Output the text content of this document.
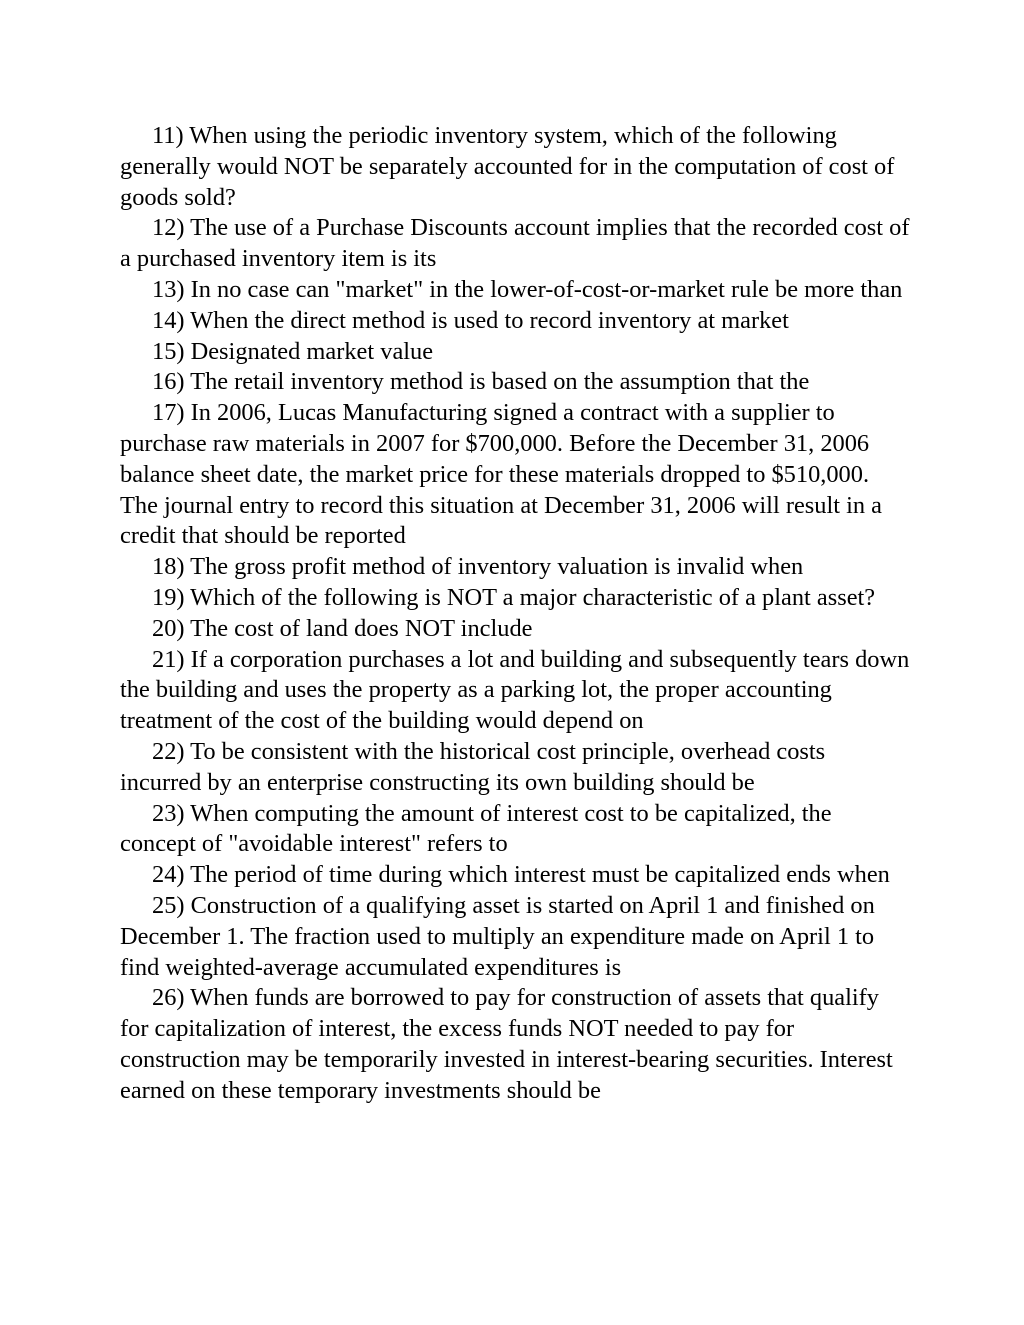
11) When using the periodic inventory system, which of the following generally would NOT be separately accounted for in the computation of cost of goods sold?

12) The use of a Purchase Discounts account implies that the recorded cost of a purchased inventory item is its

13) In no case can "market" in the lower-of-cost-or-market rule be more than

14) When the direct method is used to record inventory at market

15) Designated market value

16) The retail inventory method is based on the assumption that the

17) In 2006, Lucas Manufacturing signed a contract with a supplier to purchase raw materials in 2007 for $700,000. Before the December 31, 2006 balance sheet date, the market price for these materials dropped to $510,000. The journal entry to record this situation at December 31, 2006 will result in a credit that should be reported

18) The gross profit method of inventory valuation is invalid when

19) Which of the following is NOT a major characteristic of a plant asset?

20) The cost of land does NOT include

21) If a corporation purchases a lot and building and subsequently tears down the building and uses the property as a parking lot, the proper accounting treatment of the cost of the building would depend on

22) To be consistent with the historical cost principle, overhead costs incurred by an enterprise constructing its own building should be

23) When computing the amount of interest cost to be capitalized, the concept of "avoidable interest" refers to

24) The period of time during which interest must be capitalized ends when

25) Construction of a qualifying asset is started on April 1 and finished on December 1. The fraction used to multiply an expenditure made on April 1 to find weighted-average accumulated expenditures is

26) When funds are borrowed to pay for construction of assets that qualify for capitalization of interest, the excess funds NOT needed to pay for construction may be temporarily invested in interest-bearing securities. Interest earned on these temporary investments should be
